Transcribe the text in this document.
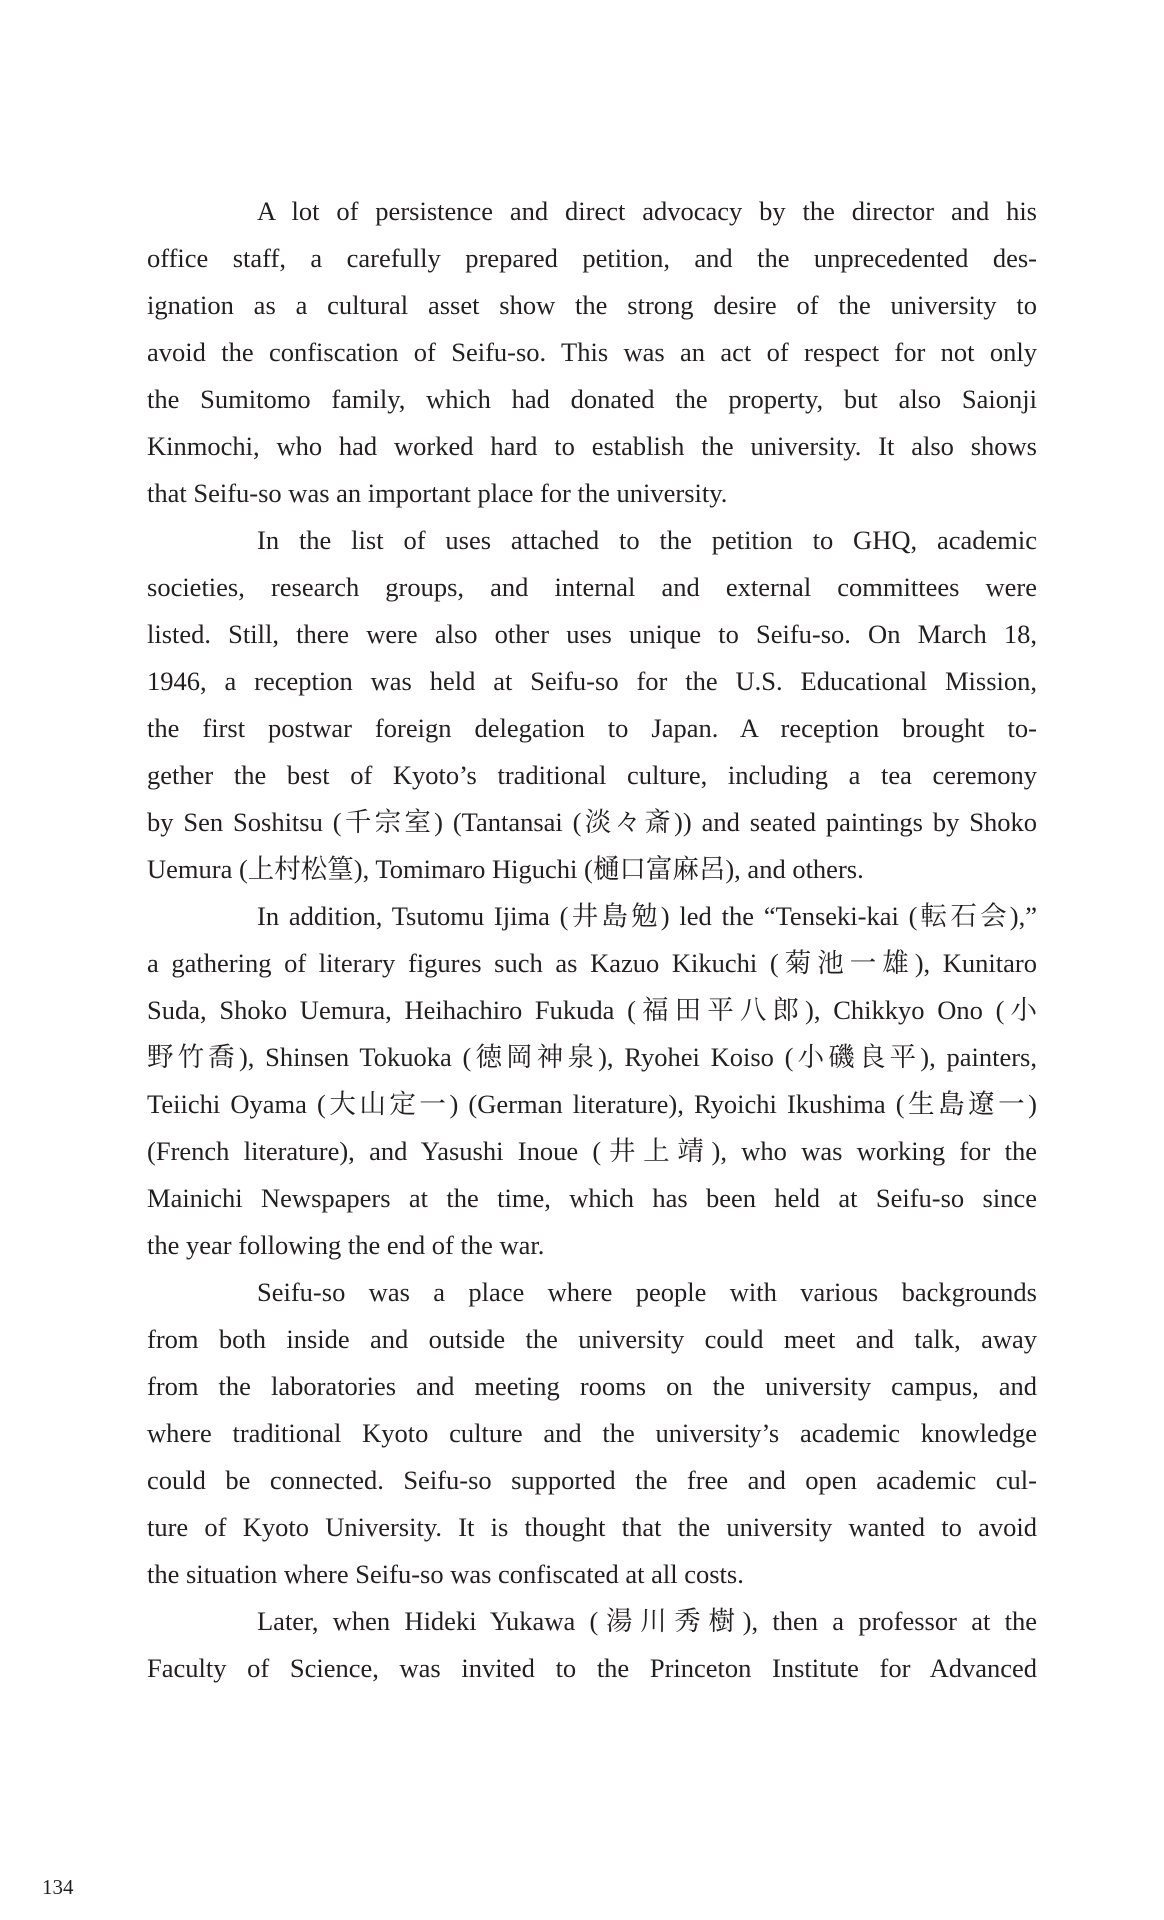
A lot of persistence and direct advocacy by the director and his
office staff, a carefully prepared petition, and the unprecedented des-
ignation as a cultural asset show the strong desire of the university to
avoid the confiscation of Seifu-so. This was an act of respect for not only
the Sumitomo family, which had donated the property, but also Saionji
Kinmochi, who had worked hard to establish the university. It also shows
that Seifu-so was an important place for the university.

In the list of uses attached to the petition to GHQ, academic
societies, research groups, and internal and external committees were
listed. Still, there were also other uses unique to Seifu-so. On March 18,
1946, a reception was held at Seifu-so for the U.S. Educational Mission,
the first postwar foreign delegation to Japan. A reception brought to-
gether the best of Kyoto’s traditional culture, including a tea ceremony
by Sen Soshitsu (千宗室) (Tantansai (淡々斎)) and seated paintings by Shoko
Uemura (上村松篁), Tomimaro Higuchi (樋口富麻呂), and others.

In addition, Tsutomu Ijima (井島勉) led the “Tenseki-kai (転石会),”
a gathering of literary figures such as Kazuo Kikuchi (菊池一雄), Kunitaro
Suda, Shoko Uemura, Heihachiro Fukuda (福田平八郎), Chikkyo Ono (小
野竹喬), Shinsen Tokuoka (徳岡神泉), Ryohei Koiso (小磯良平), painters,
Teiichi Oyama (大山定一) (German literature), Ryoichi Ikushima (生島遼一)
(French literature), and Yasushi Inoue (井上靖), who was working for the
Mainichi Newspapers at the time, which has been held at Seifu-so since
the year following the end of the war.

Seifu-so was a place where people with various backgrounds
from both inside and outside the university could meet and talk, away
from the laboratories and meeting rooms on the university campus, and
where traditional Kyoto culture and the university’s academic knowledge
could be connected. Seifu-so supported the free and open academic cul-
ture of Kyoto University. It is thought that the university wanted to avoid
the situation where Seifu-so was confiscated at all costs.

Later, when Hideki Yukawa (湯川秀樹), then a professor at the
Faculty of Science, was invited to the Princeton Institute for Advanced

134
